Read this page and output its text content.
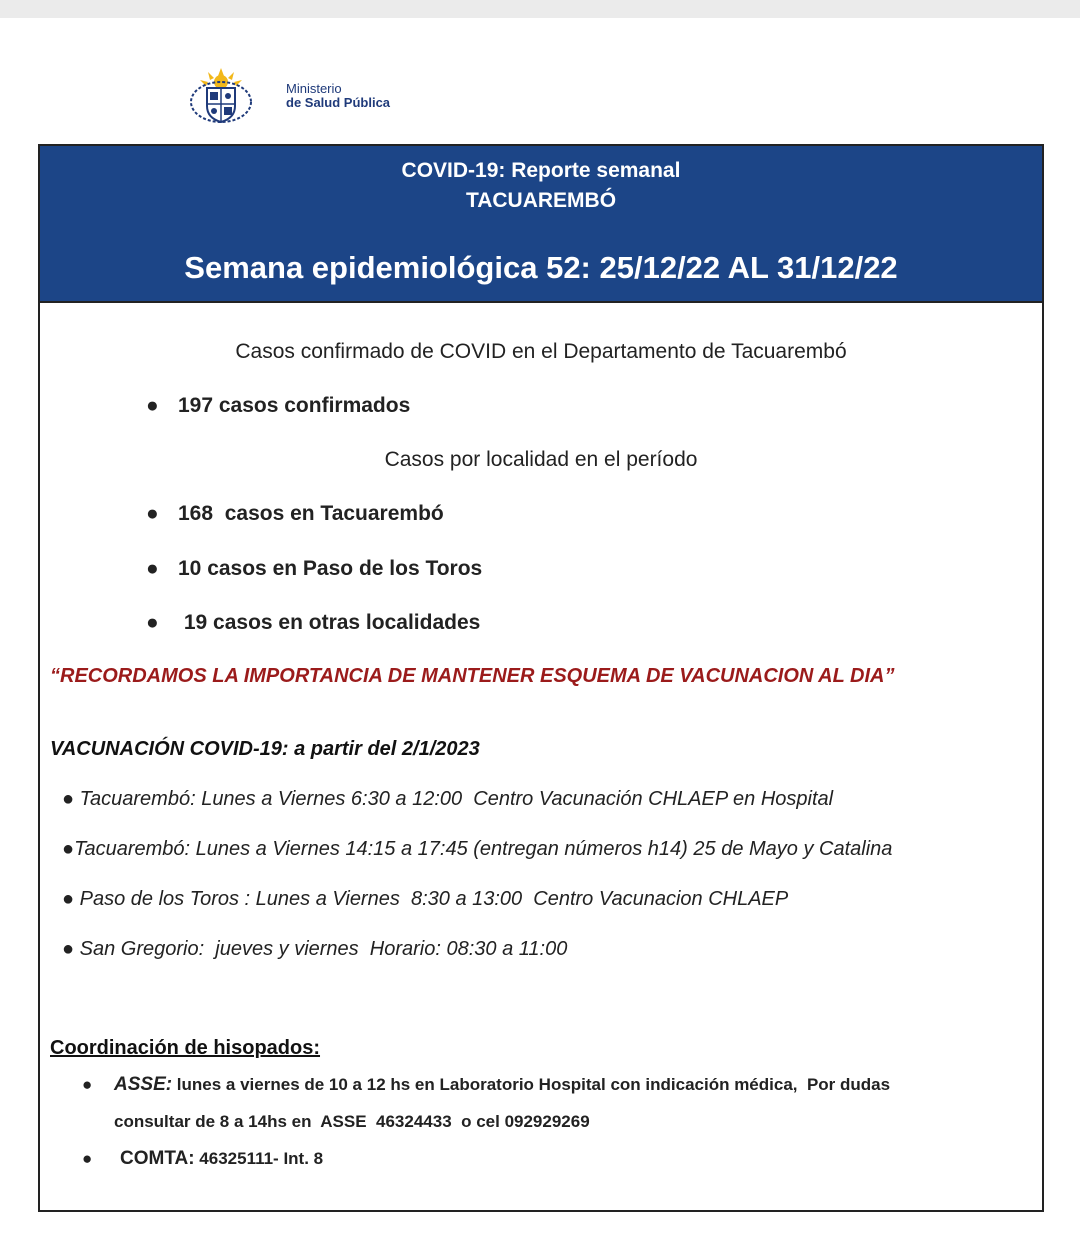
Ministerio
de Salud Pública
COVID-19: Reporte semanal
TACUAREMBÓ
Semana epidemiológica 52: 25/12/22 AL 31/12/22
Casos confirmado de COVID en el Departamento de Tacuarembó
● 197 casos confirmados
Casos por localidad en el período
● 168  casos en Tacuarembó
● 10 casos en Paso de los Toros
● 19 casos en otras localidades
“RECORDAMOS LA IMPORTANCIA DE MANTENER ESQUEMA DE VACUNACION AL DIA”
VACUNACIÓN COVID-19: a partir del 2/1/2023
● Tacuarembó: Lunes a Viernes 6:30 a 12:00  Centro Vacunación CHLAEP en Hospital
●Tacuarembó: Lunes a Viernes 14:15 a 17:45 (entregan números h14) 25 de Mayo y Catalina
● Paso de los Toros : Lunes a Viernes  8:30 a 13:00  Centro Vacunacion CHLAEP
● San Gregorio:  jueves y viernes  Horario: 08:30 a 11:00
Coordinación de hisopados:
● ASSE: lunes a viernes de 10 a 12 hs en Laboratorio Hospital con indicación médica,  Por dudas
consultar de 8 a 14hs en  ASSE  46324433  o cel 092929269
● COMTA: 46325111- Int. 8
